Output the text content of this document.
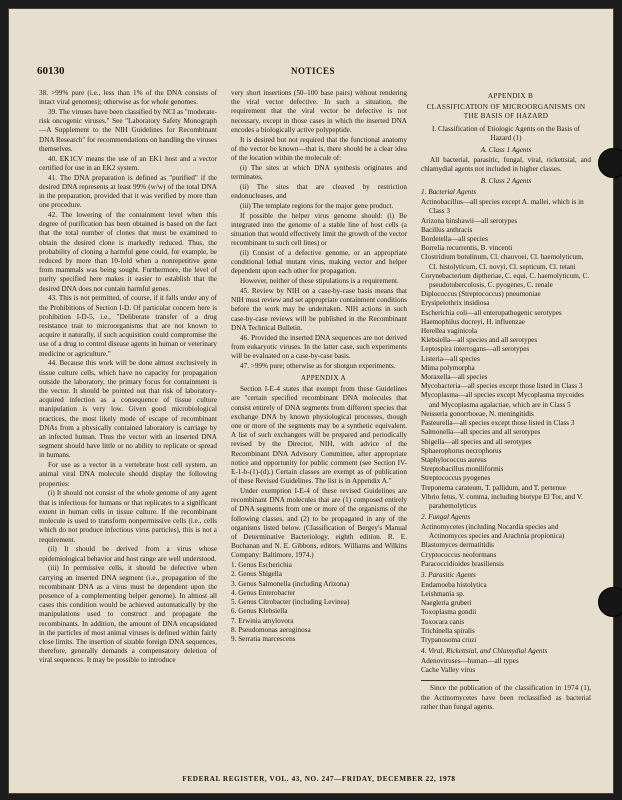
60130	NOTICES

38. >99% pure (i.e., less than 1% of the DNA consists of intact viral genomes); otherwise as for whole genomes.

39. The viruses have been classified by NCI as "moderate-risk oncogenic viruses." See "Laboratory Safety Monograph—A Supplement to the NIH Guidelines for Recombinant DNA Research" for recommendations on handling the viruses themselves.

40. EK1CV means the use of an EK1 host and a vector certified for use in an EK2 system.

41. The DNA preparation is defined as "purified" if the desired DNA represents at least 99% (w/w) of the total DNA in the preparation, provided that it was verified by more than one procedure.

42. The lowering of the containment level when this degree of purification has been obtained is based on the fact that the total number of clones that must be examined to obtain the desired clone is markedly reduced. Thus, the probability of cloning a harmful gene could, for example, be reduced by more than 10-fold when a nonrepetitive gene from mammals was being sought. Furthermore, the level of purity specified here makes it easier to establish that the desired DNA does not contain harmful genes.

43. This is not permitted, of course, if it falls under any of the Prohibitions of Section I-D. Of particular concern here is prohibition I-D-5, i.e., "Deliberate transfer of a drug resistance trait to microorganisms that are not known to acquire it naturally, if such acquisition could compromise the use of a drug to control disease agents in human or veterinary medicine or agriculture."

44. Because this work will be done almost exclusively in tissue culture cells, which have no capacity for propagation outside the laboratory, the primary focus for containment is the vector. It should be pointed out that risk of laboratory-acquired infection as a consequence of tissue culture manipulation is very low. Given good microbiological practices, the most likely mode of escape of recombinant DNAs from a physically contained laboratory is carriage by an infected human. Thus the vector with an inserted DNA segment should have little or no ability to replicate or spread in humans.

For use as a vector in a vertebrate host cell system, an animal viral DNA molecule should display the following properties:

(i) It should not consist of the whole genome of any agent that is infectious for humans or that replicates to a significant extent in human cells in tissue culture. If the recombinant molecule is used to transform nonpermissive cells (i.e., cells which do not produce infectious virus particles), this is not a requirement.

(ii) It should be derived from a virus whose epidemiological behavior and host range are well understood.

(iii) In permissive cells, it should be defective when carrying an inserted DNA segment (i.e., propagation of the recombinant DNA as a virus must be dependent upon the presence of a complementing helper genome). In almost all cases this condition would be achieved automatically by the manipulations used to construct and propagate the recombinants. In addition, the amount of DNA encapsidated in the particles of most animal viruses is defined within fairly close limits. The insertion of sizable foreign DNA sequences, therefore, generally demands a compensatory deletion of viral sequences. It may be possible to introduce

very short insertions (50–100 base pairs) without rendering the viral vector defective. In such a situation, the requirement that the viral vector be defective is not necessary, except in those cases in which the inserted DNA encodes a biologically active polypeptide.

It is desired but not required that the functional anatomy of the vector be known—that is, there should be a clear idea of the location within the molecule of:

(i) The sites at which DNA synthesis originates and terminates,

(ii) The sites that are cleaved by restriction endonucleases, and

(iii) The template regions for the major gene product.

If possible the helper virus genome should: (i) Be integrated into the genome of a stable line of host cells (a situation that would effectively limit the growth of the vector recombinant to such cell lines) or

(ii) Consist of a defective genome, or an appropriate conditional lethal mutant virus, making vector and helper dependent upon each other for propagation.

However, neither of these stipulations is a requirement.

45. Review by NIH on a case-by-case basis means that NIH must review and set appropriate containment conditions before the work may be undertaken. NIH actions in such case-by-case reviews will be published in the Recombinant DNA Technical Bulletin.

46. Provided the inserted DNA sequences are not derived from eukaryotic viruses. In the latter case, such experiments will be evaluated on a case-by-case basis.

47. >99% pure; otherwise as for shotgun experiments.

APPENDIX A

Section I-E-4 states that exempt from these Guidelines are "certain specified recombinant DNA molecules that consist entirely of DNA segments from different species that exchange DNA by known physiological processes, though one or more of the segments may be a synthetic equivalent. A list of such exchangers will be prepared and periodically revised by the Director, NIH, with advice of the Recombinant DNA Advisory Committee, after appropriate notice and opportunity for public comment (see Section IV-E-1-b-(1)-(d).) Certain classes are exempt as of publication of these Revised Guidelines. The list is in Appendix A."

Under exemption I-E-4 of these revised Guidelines are recombinant DNA molecules that are (1) composed entirely of DNA segments from one or more of the organisms of the following classes, and (2) to be propagated in any of the organisms listed below. (Classification of Bergey's Manual of Determinative Bacteriology, eighth edition. R. E. Buchanan and N. E. Gibbons, editors. Williams and Wilkins Company: Baltimore, 1974.)

1. Genus Escherichia
2. Genus Shigella
3. Genus Salmonella (including Arizona)
4. Genus Enterobacter
5. Genus Citrobacter (including Levinea)
6. Genus Klebsiella
7. Erwinia amylovora
8. Pseudomonas aeruginosa
9. Serratia marcescens

APPENDIX B

CLASSIFICATION OF MICROORGANISMS ON THE BASIS OF HAZARD

I. Classification of Etiologic Agents on the Basis of Hazard (1)

A. Class 1 Agents

All bacterial, parasitic, fungal, viral, rickettsial, and chlamydial agents not included in higher classes.

B. Class 2 Agents

1. Bacterial Agents

Actinobacillus—all species except A. mallei, which is in Class 3
Arizona hinshawii—all serotypes
Bacillus anthracis
Bordetella—all species
Borrelia recurrentis, B. vincenti
Clostridium botulinum, Cl. chauvoei, Cl. haemolyticum, Cl. histolyticum, Cl. novyi, Cl. septicum, Cl. tetani
Corynebacterium diptheriae, C. equi, C. haemolyticum, C. pseudotuberculosis, C. pyogenes, C. renale
Diplococcus (Streptococcus) pneumoniae
Erysipelothrix insidiosa
Escherichia coli—all enteropathogenic serotypes
Haemophilus ducreyi, H. influenzae
Herellea vaginicola
Klebsiella—all species and all serotypes
Leptospira interrogans—all serotypes
Listeria—all species
Mima polymorpha
Moraxella—all species
Mycobacteria—all species except those listed in Class 3
Mycoplasma—all species except Mycoplasma mycoides and Mycoplasma agalactiae, which are in Class 5
Neisseria gonorrhoeae, N. meningitidis
Pasteurella—all species except those listed in Class 3
Salmonella—all species and all serotypes
Shigella—all species and all serotypes
Sphaerophorus necrophorus
Staphylococcus aureus
Streptobacillus moniliformis
Streptococcus pyogenes
Treponema carateum, T. pallidum, and T. pertenue
Vibrio fetus, V. comma, including biotype El Tor, and V. parahemolyticus

2. Fungal Agents

Actinomycetes (including Nocardia species and Actinomyces species and Arachnia propionica)
Blastomyces dermatitidis
Cryptococcus neoformans
Paracoccidioides brasiliensis

3. Parasitic Agents

Endamoeba histolytica
Leishmania sp.
Naegleria gruberi
Toxoplasma gondii
Toxocara canis
Trichinella spiralis
Trypanosoma cruzi

4. Viral, Rickettsial, and Chlamydial Agents

Adenoviruses—human—all types
Cache Valley virus

Since the publication of the classification in 1974 (1), the Actinomycetes have been reclassified as bacterial rather than fungal agents.

FEDERAL REGISTER, VOL. 43, NO. 247—FRIDAY, DECEMBER 22, 1978
